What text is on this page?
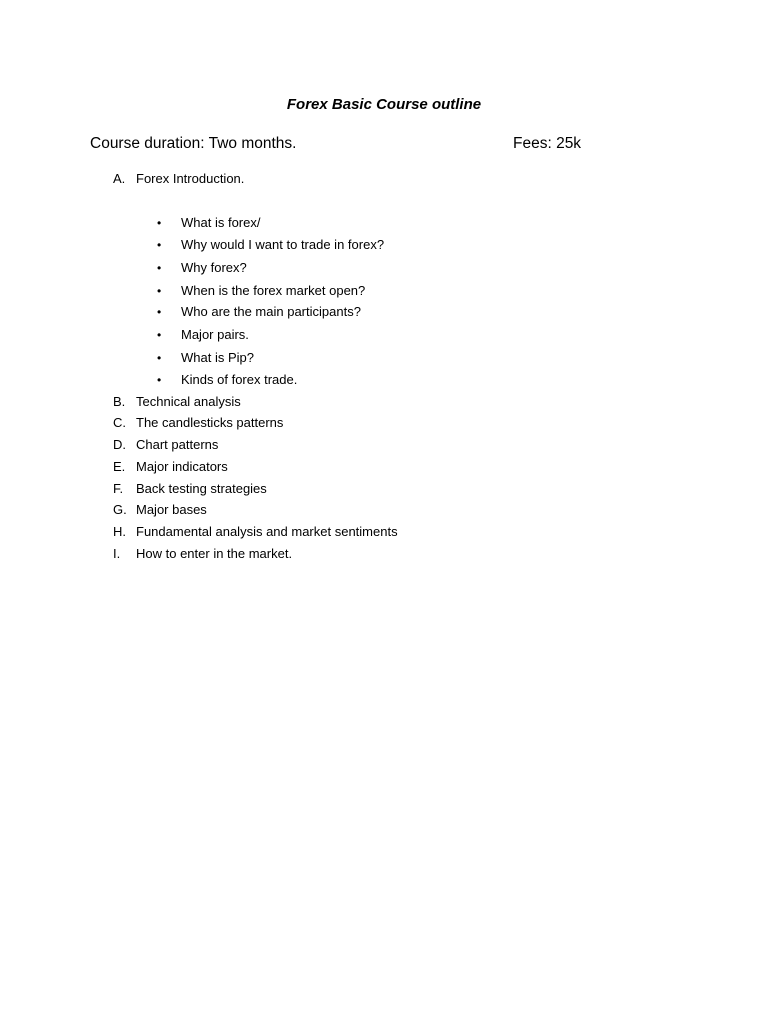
Forex Basic Course outline
Course duration: Two months.	Fees: 25k
A. Forex Introduction.
•	What is forex/
•	Why would I want to trade in forex?
•	Why forex?
•	When is the forex market open?
•	Who are the main participants?
•	Major pairs.
•	What is Pip?
•	Kinds of forex trade.
B. Technical analysis
C. The candlesticks patterns
D. Chart patterns
E. Major indicators
F. Back testing strategies
G. Major bases
H. Fundamental analysis and market sentiments
I.	How to enter in the market.
